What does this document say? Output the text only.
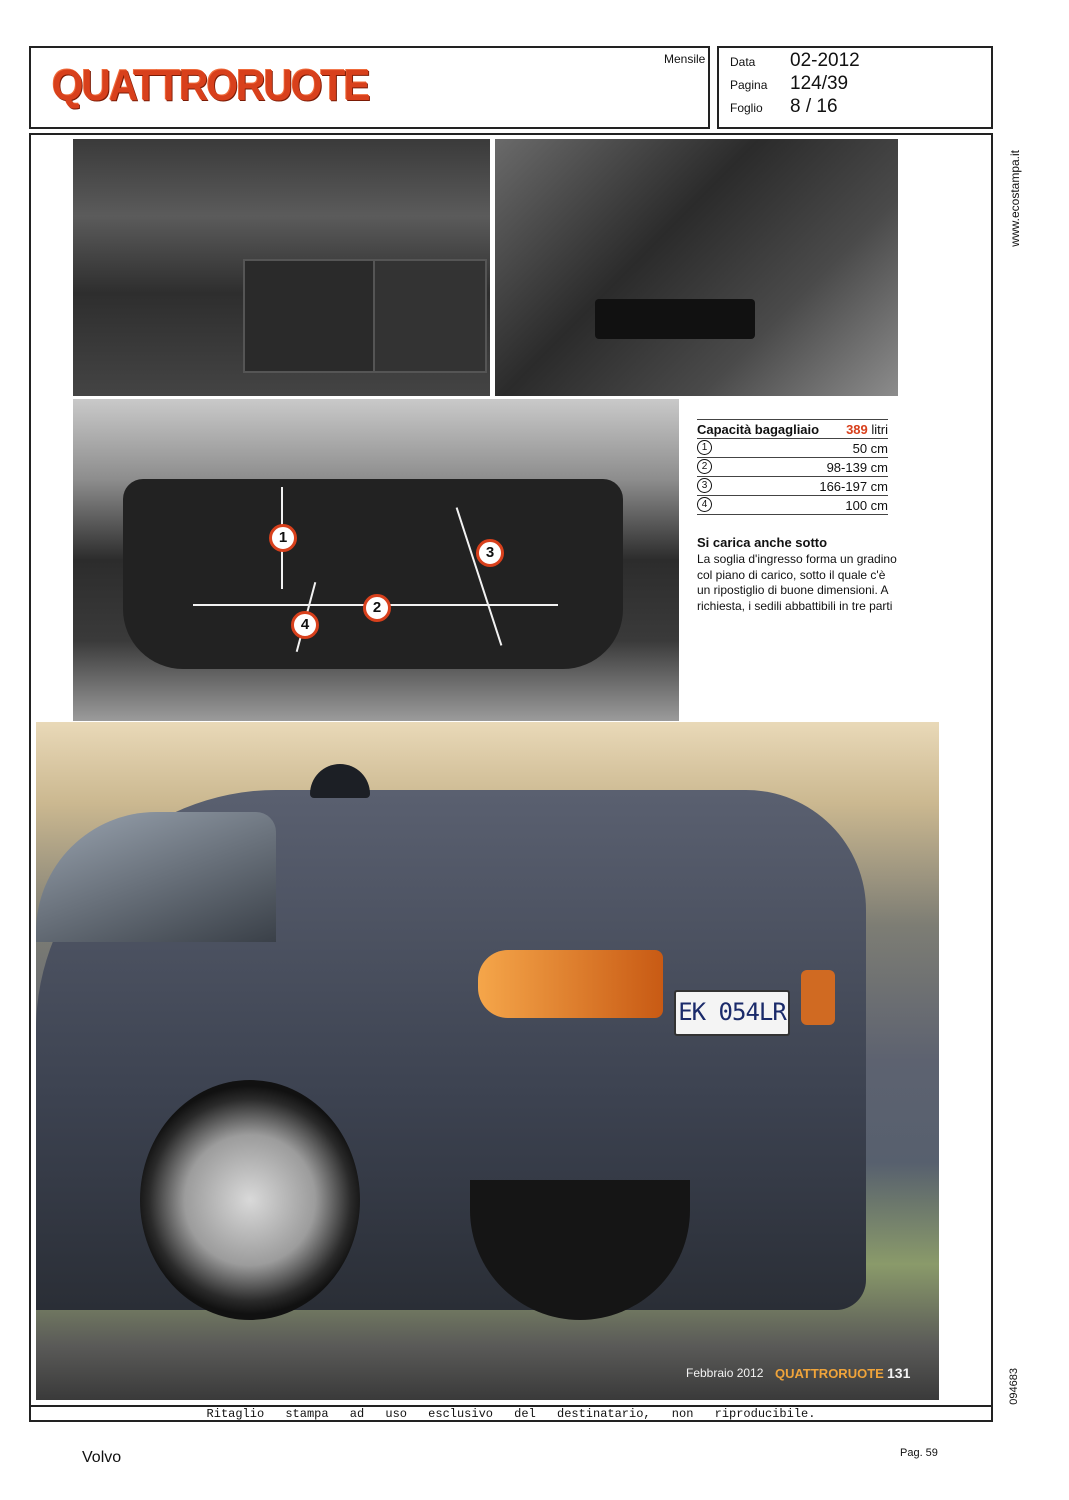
QUATTRORUOTE
Mensile Data 02-2012
Pagina 124/39
Foglio 8 / 16
www.ecostampa.it
094683
1
2
3
4
Capacità bagagliaio 389 litri
1	50 cm
2	98-139 cm
3	166-197 cm
4	100 cm
Si carica anche sotto
La soglia d'ingresso forma un gradino col piano di carico, sotto il quale c'è un ripostiglio di buone dimensioni. A richiesta, i sedili abbattibili in tre parti
EK 054LR
Febbraio 2012 QUATTRORUOTE 131
Ritaglio stampa ad uso esclusivo del destinatario, non riproducibile.
Volvo	Pag. 59
